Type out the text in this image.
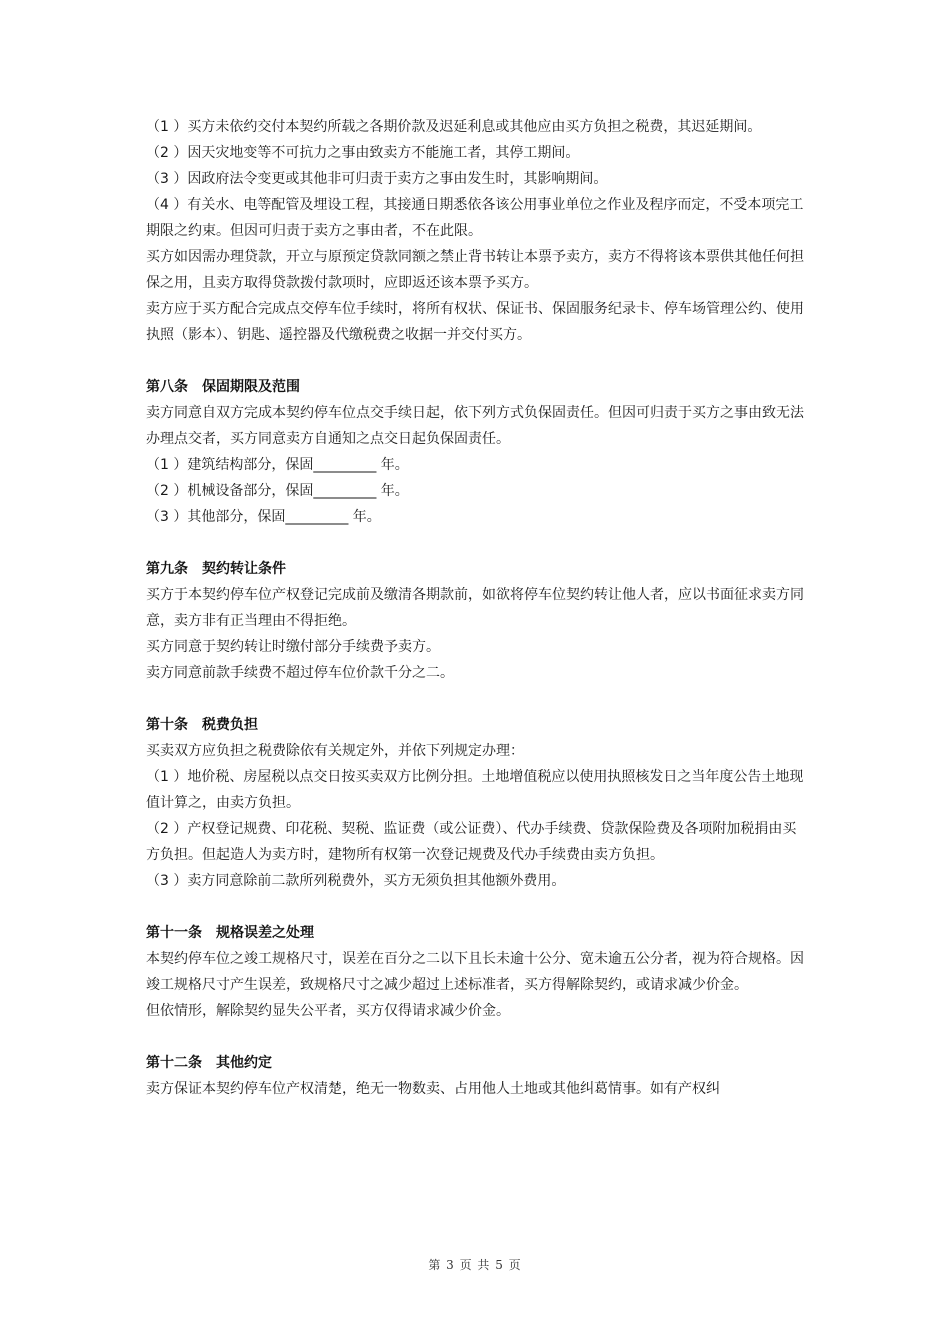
（1 ）买方未依约交付本契约所载之各期价款及迟延利息或其他应由买方负担之税费，其迟延期间。

（2 ）因天灾地变等不可抗力之事由致卖方不能施工者，其停工期间。

（3 ）因政府法令变更或其他非可归责于卖方之事由发生时，其影响期间。

（4 ）有关水、电等配管及埋设工程，其接通日期悉依各该公用事业单位之作业及程序而定，不受本项完工期限之约束。但因可归责于卖方之事由者，不在此限。

买方如因需办理贷款，开立与原预定贷款同额之禁止背书转让本票予卖方，卖方不得将该本票供其他任何担保之用，且卖方取得贷款拨付款项时，应即返还该本票予买方。

卖方应于买方配合完成点交停车位手续时，将所有权状、保证书、保固服务纪录卡、停车场管理公约、使用执照（影本）、钥匙、遥控器及代缴税费之收据一并交付买方。

第八条　保固期限及范围

卖方同意自双方完成本契约停车位点交手续日起，依下列方式负保固责任。但因可归责于买方之事由致无法办理点交者，买方同意卖方自通知之点交日起负保固责任。

（1 ）建筑结构部分，保固_________ 年。

（2 ）机械设备部分，保固_________ 年。

（3 ）其他部分，保固_________ 年。

第九条　契约转让条件

买方于本契约停车位产权登记完成前及缴清各期款前，如欲将停车位契约转让他人者，应以书面征求卖方同意，卖方非有正当理由不得拒绝。

买方同意于契约转让时缴付部分手续费予卖方。

卖方同意前款手续费不超过停车位价款千分之二。

第十条　税费负担

买卖双方应负担之税费除依有关规定外，并依下列规定办理：

（1 ）地价税、房屋税以点交日按买卖双方比例分担。土地增值税应以使用执照核发日之当年度公告土地现值计算之，由卖方负担。

（2 ）产权登记规费、印花税、契税、监证费（或公证费）、代办手续费、贷款保险费及各项附加税捐由买方负担。但起造人为卖方时，建物所有权第一次登记规费及代办手续费由卖方负担。

（3 ）卖方同意除前二款所列税费外，买方无须负担其他额外费用。

第十一条　规格误差之处理

本契约停车位之竣工规格尺寸，误差在百分之二以下且长未逾十公分、宽未逾五公分者，视为符合规格。因竣工规格尺寸产生误差，致规格尺寸之减少超过上述标准者，买方得解除契约，或请求减少价金。

但依情形，解除契约显失公平者，买方仅得请求减少价金。

第十二条　其他约定

卖方保证本契约停车位产权清楚，绝无一物数卖、占用他人土地或其他纠葛情事。如有产权纠

第 3 页 共 5 页
